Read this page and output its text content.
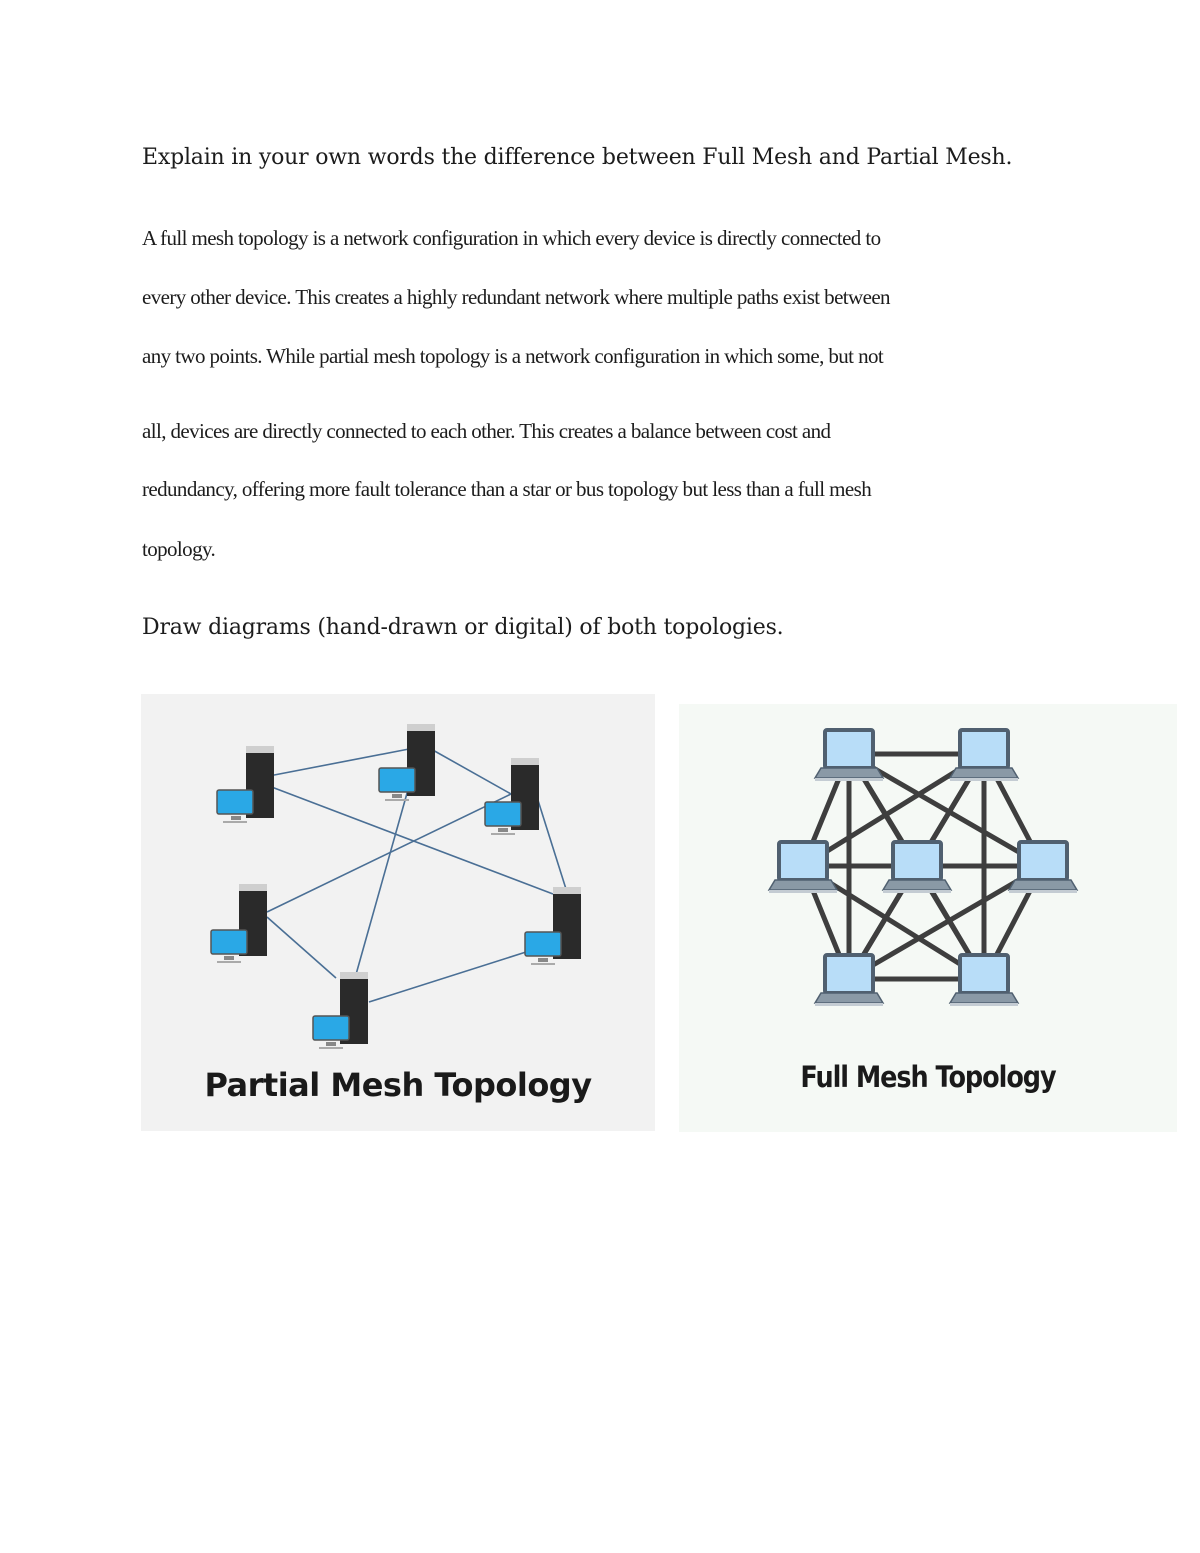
Explain in your own words the difference between Full Mesh and Partial Mesh.
A full mesh topology is a network configuration in which every device is directly connected to
every other device. This creates a highly redundant network where multiple paths exist between
any two points. While partial mesh topology is a network configuration in which some, but not
all, devices are directly connected to each other. This creates a balance between cost and
redundancy, offering more fault tolerance than a star or bus topology but less than a full mesh
topology.
Draw diagrams (hand-drawn or digital) of both topologies.

Partial Mesh Topology	Full Mesh Topology
